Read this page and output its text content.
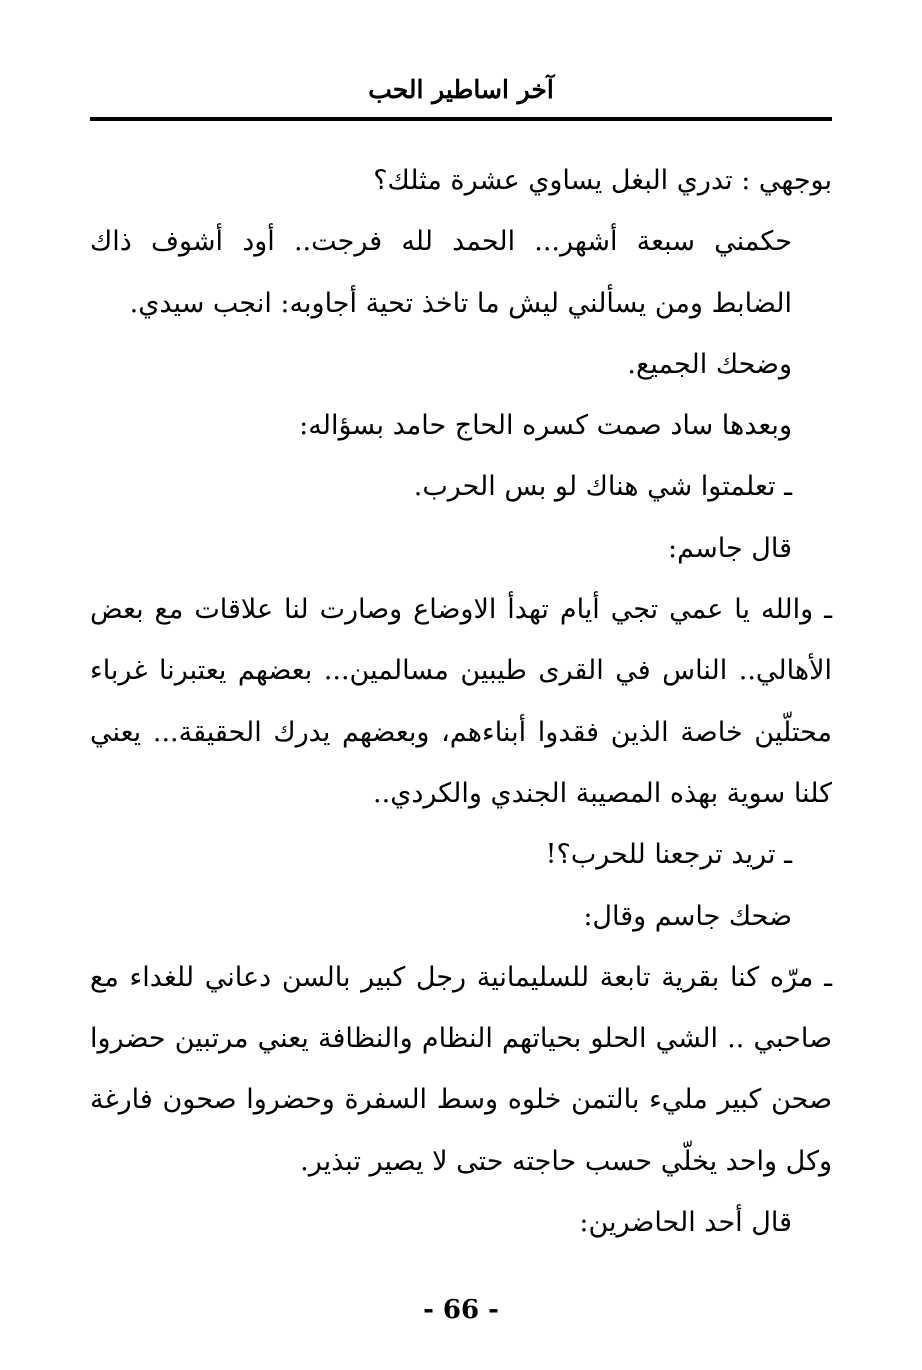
آخر اساطير الحب

بوجهي : تدري البغل يساوي عشرة مثلك؟

حكمني سبعة أشهر... الحمد لله فرجت.. أود أشوف ذاك الضابط ومن يسألني ليش ما تاخذ تحية أجاوبه: انجب سيدي.

وضحك الجميع.

وبعدها ساد صمت كسره الحاج حامد بسؤاله:

ـ تعلمتوا شي هناك لو بس الحرب.

قال جاسم:

ـ والله يا عمي تجي أيام تهدأ الاوضاع وصارت لنا علاقات مع بعض الأهالي.. الناس في القرى طيبين مسالمين... بعضهم يعتبرنا غرباء محتلّين خاصة الذين فقدوا أبناءهم، وبعضهم يدرك الحقيقة... يعني كلنا سوية بهذه المصيبة الجندي والكردي..

ـ تريد ترجعنا للحرب؟!

ضحك جاسم وقال:

ـ مرّه كنا بقرية تابعة للسليمانية رجل كبير بالسن دعاني للغداء مع صاحبي .. الشي الحلو بحياتهم النظام والنظافة يعني مرتبين حضروا صحن كبير مليء بالتمن خلوه وسط السفرة وحضروا صحون فارغة وكل واحد يخلّي حسب حاجته حتى لا يصير تبذير.

قال أحد الحاضرين:

- 66 -
